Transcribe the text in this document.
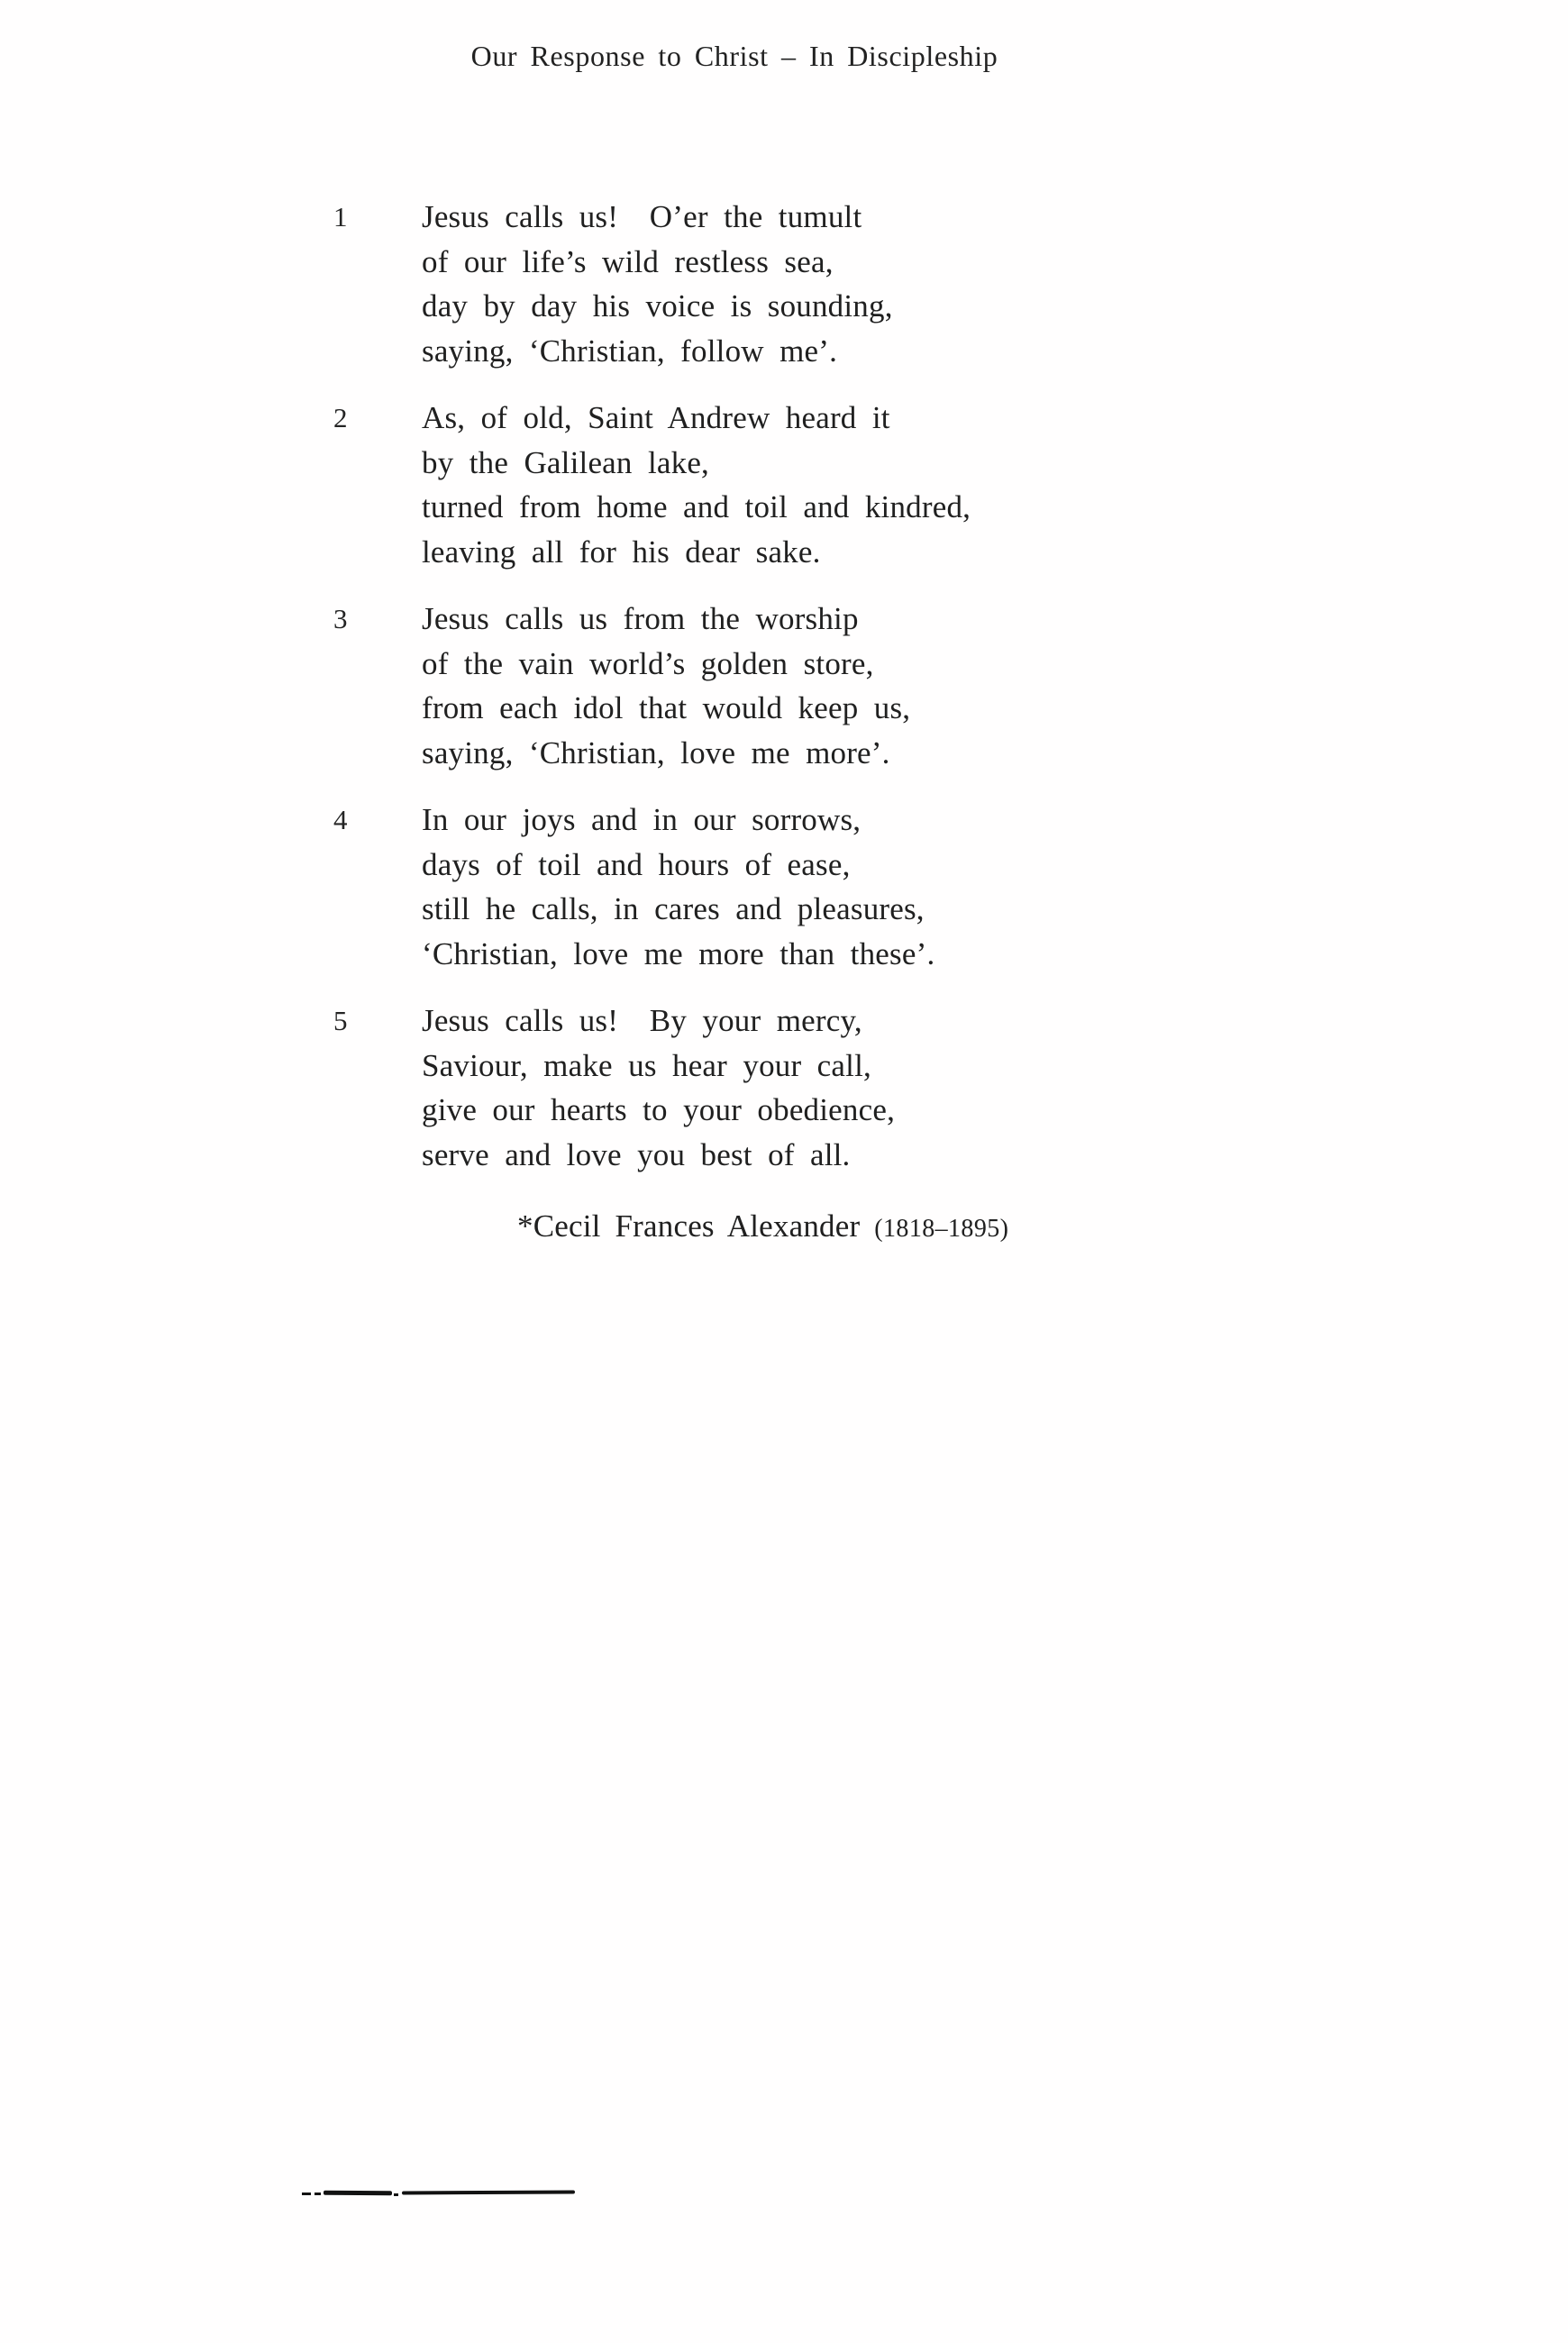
Our Response to Christ – In Discipleship
1	Jesus calls us!  O’er the tumult
of our life’s wild restless sea,
day by day his voice is sounding,
saying, ‘Christian, follow me’.
2	As, of old, Saint Andrew heard it
by the Galilean lake,
turned from home and toil and kindred,
leaving all for his dear sake.
3	Jesus calls us from the worship
of the vain world’s golden store,
from each idol that would keep us,
saying, ‘Christian, love me more’.
4	In our joys and in our sorrows,
days of toil and hours of ease,
still he calls, in cares and pleasures,
‘Christian, love me more than these’.
5	Jesus calls us!  By your mercy,
Saviour, make us hear your call,
give our hearts to your obedience,
serve and love you best of all.
*Cecil Frances Alexander (1818–1895)
